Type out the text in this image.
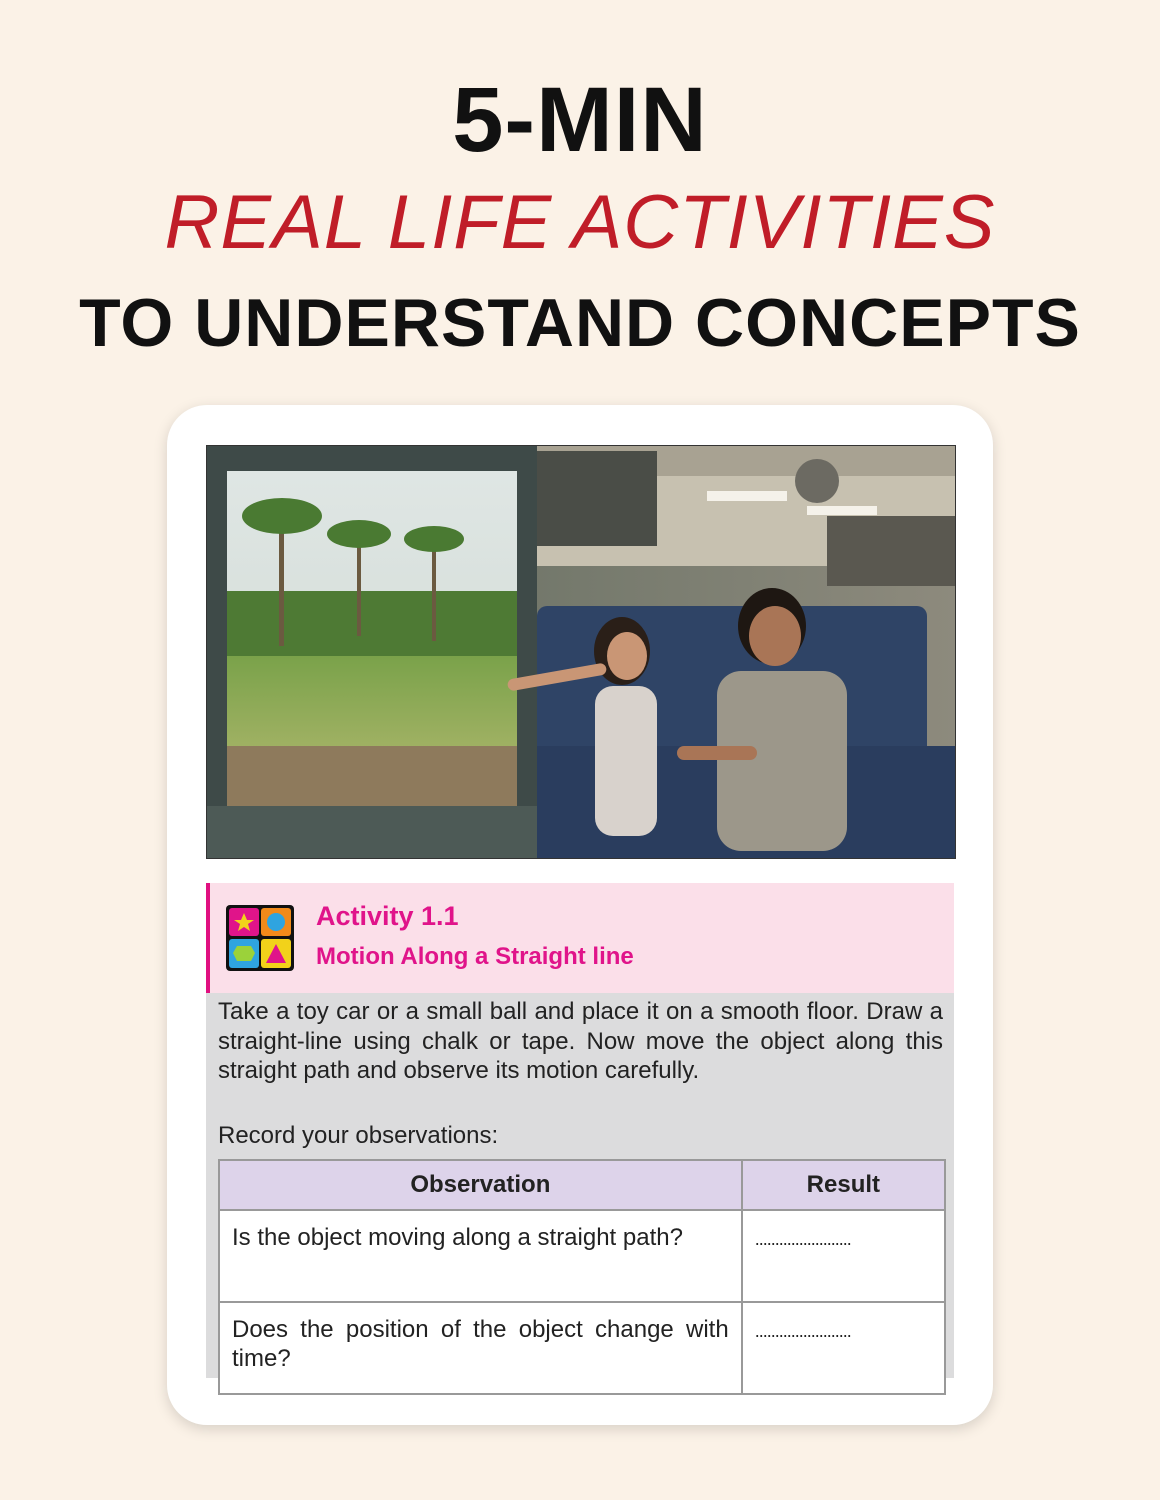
5-MIN
REAL LIFE ACTIVITIES
TO UNDERSTAND CONCEPTS
Activity 1.1
Motion Along a Straight line
Take a toy car or a small ball and place it on a smooth floor. Draw a straight-line using chalk or tape. Now move the object along this straight path and observe its motion carefully.
Record your observations:
Observation	Result
Is the object moving along a straight path?	........................
Does the position of the object change with time?	........................
